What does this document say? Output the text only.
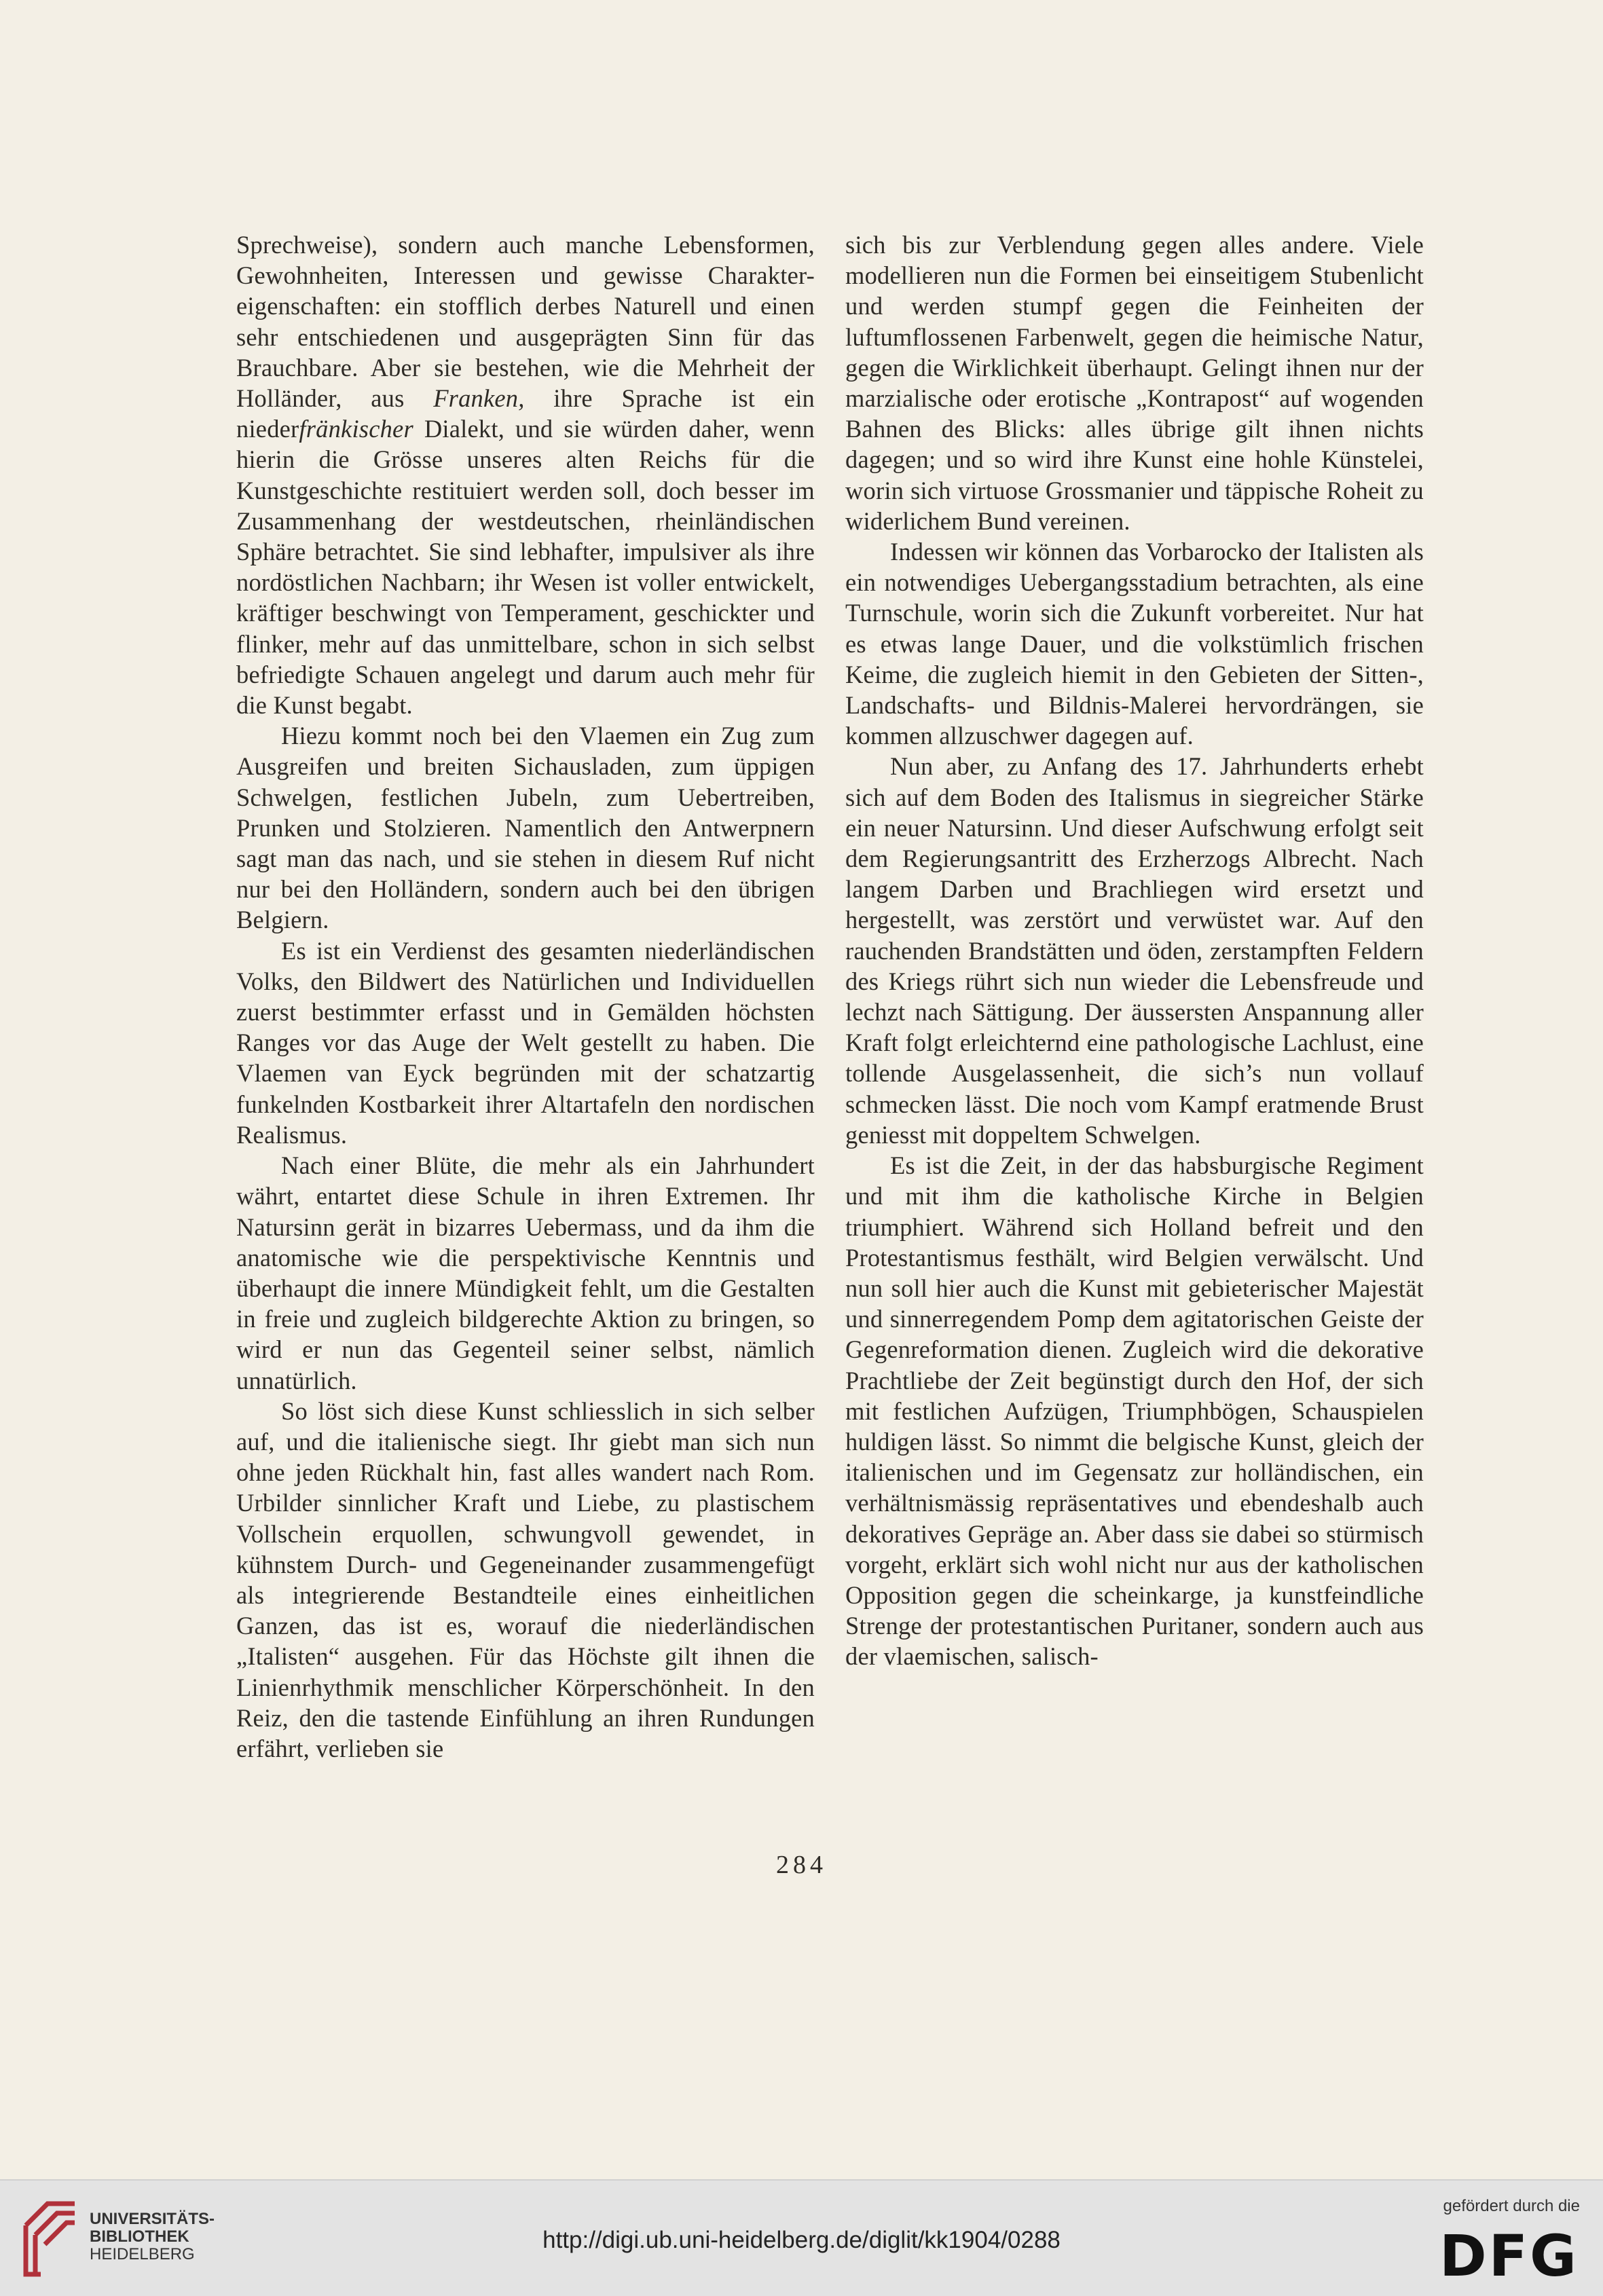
Sprechweise), sondern auch manche Lebensformen, Gewohnheiten, Interessen und gewisse Charakter-eigenschaften: ein stofflich derbes Naturell und einen sehr entschiedenen und ausgeprägten Sinn für das Brauchbare. Aber sie bestehen, wie die Mehrheit der Holländer, aus Franken, ihre Sprache ist ein niederfränkischer Dialekt, und sie würden daher, wenn hierin die Grösse unseres alten Reichs für die Kunstgeschichte restituiert werden soll, doch besser im Zusammenhang der westdeutschen, rheinländischen Sphäre betrachtet. Sie sind lebhafter, impulsiver als ihre nordöstlichen Nachbarn; ihr Wesen ist voller entwickelt, kräftiger beschwingt von Temperament, geschickter und flinker, mehr auf das unmittelbare, schon in sich selbst befriedigte Schauen angelegt und darum auch mehr für die Kunst begabt.

Hiezu kommt noch bei den Vlaemen ein Zug zum Ausgreifen und breiten Sichausladen, zum üppigen Schwelgen, festlichen Jubeln, zum Uebertreiben, Prunken und Stolzieren. Namentlich den Antwerpnern sagt man das nach, und sie stehen in diesem Ruf nicht nur bei den Holländern, sondern auch bei den übrigen Belgiern.

Es ist ein Verdienst des gesamten niederländischen Volks, den Bildwert des Natürlichen und Individuellen zuerst bestimmter erfasst und in Gemälden höchsten Ranges vor das Auge der Welt gestellt zu haben. Die Vlaemen van Eyck begründen mit der schatzartig funkelnden Kostbarkeit ihrer Altartafeln den nordischen Realismus.

Nach einer Blüte, die mehr als ein Jahrhundert währt, entartet diese Schule in ihren Extremen. Ihr Natursinn gerät in bizarres Uebermass, und da ihm die anatomische wie die perspektivische Kenntnis und überhaupt die innere Mündigkeit fehlt, um die Gestalten in freie und zugleich bildgerechte Aktion zu bringen, so wird er nun das Gegenteil seiner selbst, nämlich unnatürlich.

So löst sich diese Kunst schliesslich in sich selber auf, und die italienische siegt. Ihr giebt man sich nun ohne jeden Rückhalt hin, fast alles wandert nach Rom. Urbilder sinnlicher Kraft und Liebe, zu plastischem Vollschein erquollen, schwungvoll gewendet, in kühnstem Durch- und Gegeneinander zusammengefügt als integrierende Bestandteile eines einheitlichen Ganzen, das ist es, worauf die niederländischen „Italisten“ ausgehen. Für das Höchste gilt ihnen die Linienrhythmik menschlicher Körperschönheit. In den Reiz, den die tastende Einfühlung an ihren Rundungen erfährt, verlieben sie

sich bis zur Verblendung gegen alles andere. Viele modellieren nun die Formen bei einseitigem Stubenlicht und werden stumpf gegen die Feinheiten der luftumflossenen Farbenwelt, gegen die heimische Natur, gegen die Wirklichkeit überhaupt. Gelingt ihnen nur der marzialische oder erotische „Kontrapost“ auf wogenden Bahnen des Blicks: alles übrige gilt ihnen nichts dagegen; und so wird ihre Kunst eine hohle Künstelei, worin sich virtuose Grossmanier und täppische Roheit zu widerlichem Bund vereinen.

Indessen wir können das Vorbarocko der Italisten als ein notwendiges Uebergangsstadium betrachten, als eine Turnschule, worin sich die Zukunft vorbereitet. Nur hat es etwas lange Dauer, und die volkstümlich frischen Keime, die zugleich hiemit in den Gebieten der Sitten-, Landschafts- und Bildnis-Malerei hervordrängen, sie kommen allzuschwer dagegen auf.

Nun aber, zu Anfang des 17. Jahrhunderts erhebt sich auf dem Boden des Italismus in siegreicher Stärke ein neuer Natursinn. Und dieser Aufschwung erfolgt seit dem Regierungsantritt des Erzherzogs Albrecht. Nach langem Darben und Brachliegen wird ersetzt und hergestellt, was zerstört und verwüstet war. Auf den rauchenden Brandstätten und öden, zerstampften Feldern des Kriegs rührt sich nun wieder die Lebensfreude und lechzt nach Sättigung. Der äussersten Anspannung aller Kraft folgt erleichternd eine pathologische Lachlust, eine tollende Ausgelassenheit, die sich’s nun vollauf schmecken lässt. Die noch vom Kampf eratmende Brust geniesst mit doppeltem Schwelgen.

Es ist die Zeit, in der das habsburgische Regiment und mit ihm die katholische Kirche in Belgien triumphiert. Während sich Holland befreit und den Protestantismus festhält, wird Belgien verwälscht. Und nun soll hier auch die Kunst mit gebieterischer Majestät und sinnerregendem Pomp dem agitatorischen Geiste der Gegenreformation dienen. Zugleich wird die dekorative Prachtliebe der Zeit begünstigt durch den Hof, der sich mit festlichen Aufzügen, Triumphbögen, Schauspielen huldigen lässt. So nimmt die belgische Kunst, gleich der italienischen und im Gegensatz zur holländischen, ein verhältnismässig repräsentatives und ebendeshalb auch dekoratives Gepräge an. Aber dass sie dabei so stürmisch vorgeht, erklärt sich wohl nicht nur aus der katholischen Opposition gegen die scheinkarge, ja kunstfeindliche Strenge der protestantischen Puritaner, sondern auch aus der vlaemischen, salisch-

284
UNIVERSITÄTS-
BIBLIOTHEK
HEIDELBERG
http://digi.ub.uni-heidelberg.de/diglit/kk1904/0288
gefördert durch die
DFG
